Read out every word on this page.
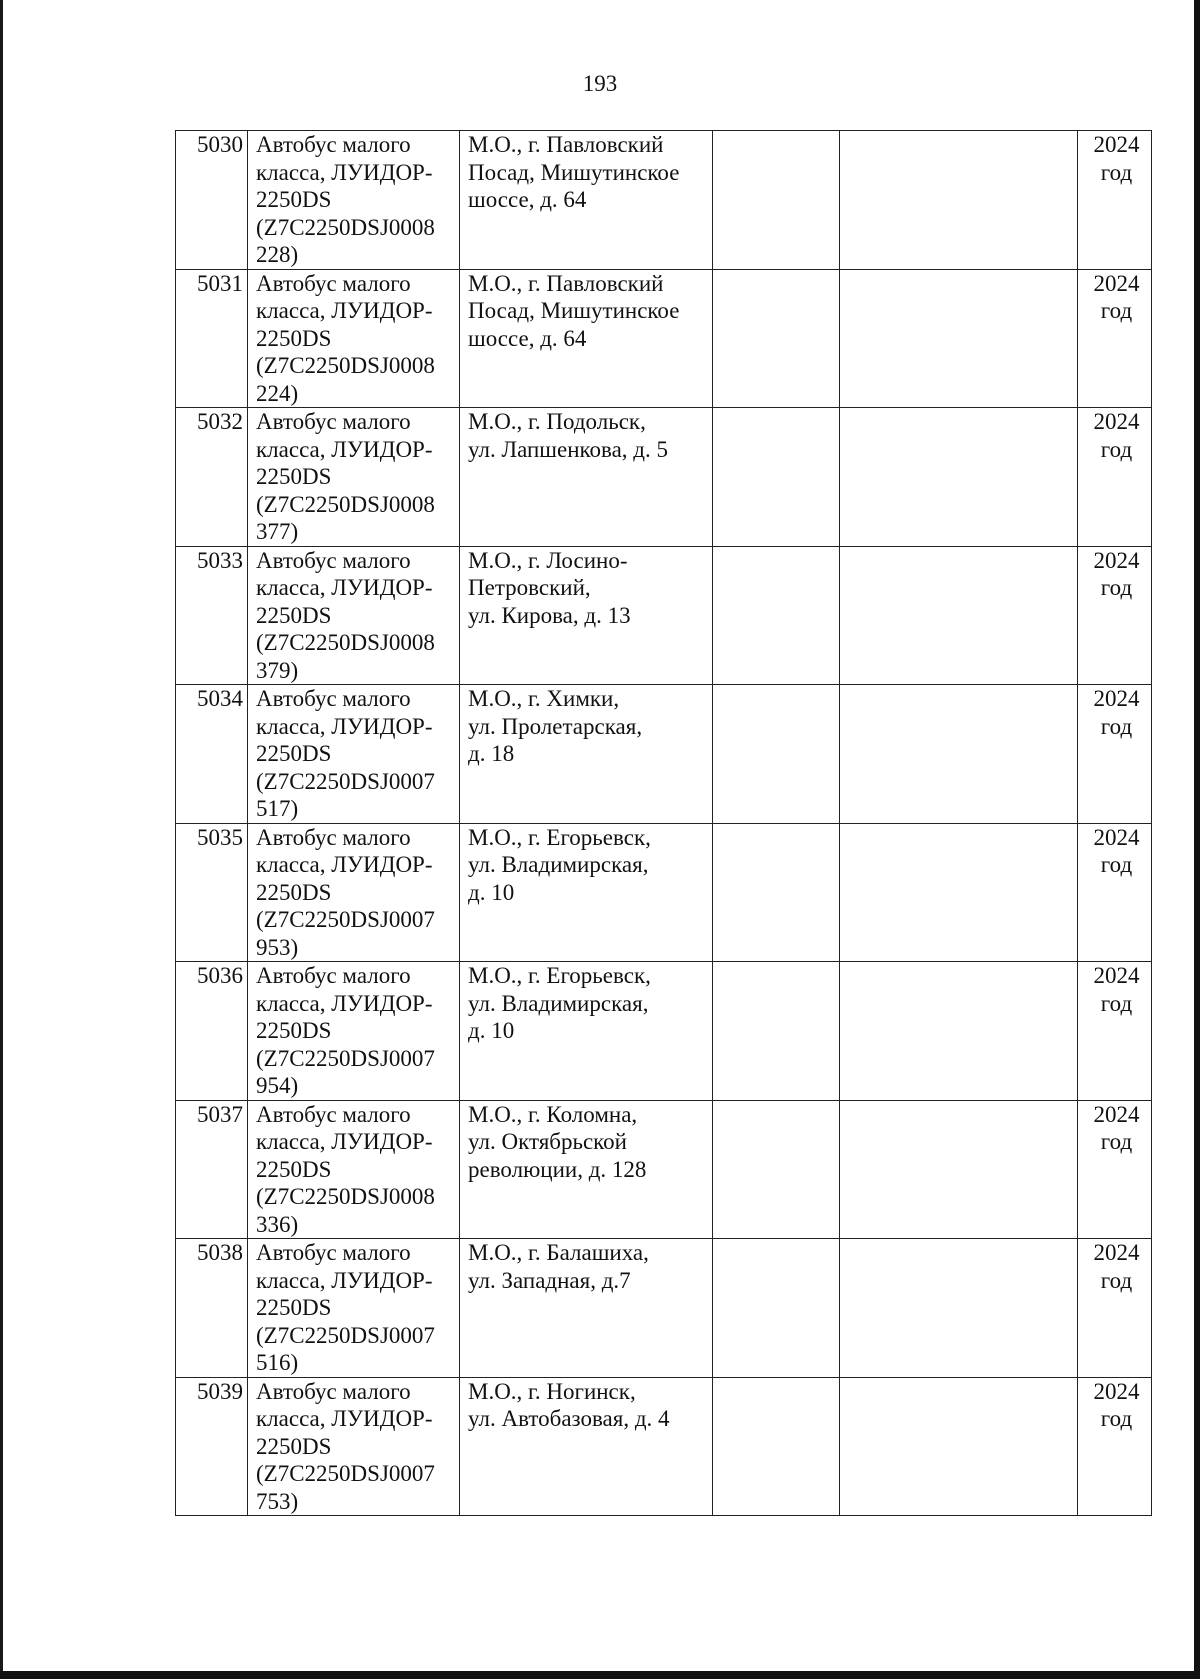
193
5030	Автобус малого
класса, ЛУИДОР-
2250DS
(Z7C2250DSJ0008
228)	М.О., г. Павловский
Посад, Мишутинское
шоссе, д. 64			2024
год
5031	Автобус малого
класса, ЛУИДОР-
2250DS
(Z7C2250DSJ0008
224)	М.О., г. Павловский
Посад, Мишутинское
шоссе, д. 64			2024
год
5032	Автобус малого
класса, ЛУИДОР-
2250DS
(Z7C2250DSJ0008
377)	М.О., г. Подольск,
ул. Лапшенкова, д. 5			2024
год
5033	Автобус малого
класса, ЛУИДОР-
2250DS
(Z7C2250DSJ0008
379)	М.О., г. Лосино-
Петровский,
ул. Кирова, д. 13			2024
год
5034	Автобус малого
класса, ЛУИДОР-
2250DS
(Z7C2250DSJ0007
517)	М.О., г. Химки,
ул. Пролетарская,
д. 18			2024
год
5035	Автобус малого
класса, ЛУИДОР-
2250DS
(Z7C2250DSJ0007
953)	М.О., г. Егорьевск,
ул. Владимирская,
д. 10			2024
год
5036	Автобус малого
класса, ЛУИДОР-
2250DS
(Z7C2250DSJ0007
954)	М.О., г. Егорьевск,
ул. Владимирская,
д. 10			2024
год
5037	Автобус малого
класса, ЛУИДОР-
2250DS
(Z7C2250DSJ0008
336)	М.О., г. Коломна,
ул. Октябрьской
революции, д. 128			2024
год
5038	Автобус малого
класса, ЛУИДОР-
2250DS
(Z7C2250DSJ0007
516)	М.О., г. Балашиха,
ул. Западная, д.7			2024
год
5039	Автобус малого
класса, ЛУИДОР-
2250DS
(Z7C2250DSJ0007
753)	М.О., г. Ногинск,
ул. Автобазовая, д. 4			2024
год
